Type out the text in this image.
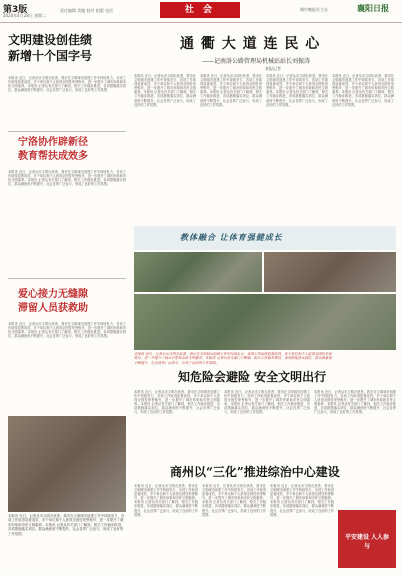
第3版
2020年4月28日 星期二
责任编辑 美编 校对 组版 电话	社 会	城市晚报社主办	襄阳日报
文明建设创佳绩
新增十个国字号
本报讯 近日，记者从市文明办获悉，我市在文明城市创建工作中持续发力，各项工作取得显著成效，多个单位和个人获得全国性荣誉称号，进一步提升了城市形象和市民文明素养。本报讯 记者从有关部门了解到，相关工作稳步推进，各项措施落实到位，群众满意度不断提升，社会各界广泛参与，形成了良好的工作氛围。
宁洛协作辟新径
教育帮扶成效多
本报讯 近日，记者从市文明办获悉，我市在文明城市创建工作中持续发力，各项工作取得显著成效，多个单位和个人获得全国性荣誉称号，进一步提升了城市形象和市民文明素养。本报讯 记者从有关部门了解到，相关工作稳步推进，各项措施落实到位，群众满意度不断提升，社会各界广泛参与，形成了良好的工作氛围。
爱心接力无缝隙
滞留人员获救助
本报讯 近日，记者从市文明办获悉，我市在文明城市创建工作中持续发力，各项工作取得显著成效，多个单位和个人获得全国性荣誉称号，进一步提升了城市形象和市民文明素养。本报讯 记者从有关部门了解到，相关工作稳步推进，各项措施落实到位，群众满意度不断提升，社会各界广泛参与，形成了良好的工作氛围。
通 衢 大 道 连 民 心
——记南洛公路管理局机械站站长刘振涛
本报记者
本报讯 近日，记者从市文明办获悉，我市在文明城市创建工作中持续发力，各项工作取得显著成效，多个单位和个人获得全国性荣誉称号，进一步提升了城市形象和市民文明素养。本报讯 记者从有关部门了解到，相关工作稳步推进，各项措施落实到位，群众满意度不断提升，社会各界广泛参与，形成了良好的工作氛围。
本报讯 近日，记者从市文明办获悉，我市在文明城市创建工作中持续发力，各项工作取得显著成效，多个单位和个人获得全国性荣誉称号，进一步提升了城市形象和市民文明素养。本报讯 记者从有关部门了解到，相关工作稳步推进，各项措施落实到位，群众满意度不断提升，社会各界广泛参与，形成了良好的工作氛围。
本报讯 近日，记者从市文明办获悉，我市在文明城市创建工作中持续发力，各项工作取得显著成效，多个单位和个人获得全国性荣誉称号，进一步提升了城市形象和市民文明素养。本报讯 记者从有关部门了解到，相关工作稳步推进，各项措施落实到位，群众满意度不断提升，社会各界广泛参与，形成了良好的工作氛围。
本报讯 近日，记者从市文明办获悉，我市在文明城市创建工作中持续发力，各项工作取得显著成效，多个单位和个人获得全国性荣誉称号，进一步提升了城市形象和市民文明素养。本报讯 记者从有关部门了解到，相关工作稳步推进，各项措施落实到位，群众满意度不断提升，社会各界广泛参与，形成了良好的工作氛围。
教体融合 让体育强健成长
本报讯 近日，记者从市文明办获悉，我市在文明城市创建工作中持续发力，各项工作取得显著成效，多个单位和个人获得全国性荣誉称号，进一步提升了城市形象和市民文明素养。本报讯 记者从有关部门了解到，相关工作稳步推进，各项措施落实到位，群众满意度不断提升，社会各界广泛参与，形成了良好的工作氛围。
知危险会避险 安全文明出行
本报讯 近日，记者从市文明办获悉，我市在文明城市创建工作中持续发力，各项工作取得显著成效，多个单位和个人获得全国性荣誉称号，进一步提升了城市形象和市民文明素养。本报讯 记者从有关部门了解到，相关工作稳步推进，各项措施落实到位，群众满意度不断提升，社会各界广泛参与，形成了良好的工作氛围。
本报讯 近日，记者从市文明办获悉，我市在文明城市创建工作中持续发力，各项工作取得显著成效，多个单位和个人获得全国性荣誉称号，进一步提升了城市形象和市民文明素养。本报讯 记者从有关部门了解到，相关工作稳步推进，各项措施落实到位，群众满意度不断提升，社会各界广泛参与，形成了良好的工作氛围。
本报讯 近日，记者从市文明办获悉，我市在文明城市创建工作中持续发力，各项工作取得显著成效，多个单位和个人获得全国性荣誉称号，进一步提升了城市形象和市民文明素养。本报讯 记者从有关部门了解到，相关工作稳步推进，各项措施落实到位，群众满意度不断提升，社会各界广泛参与，形成了良好的工作氛围。
本报讯 近日，记者从市文明办获悉，我市在文明城市创建工作中持续发力，各项工作取得显著成效，多个单位和个人获得全国性荣誉称号，进一步提升了城市形象和市民文明素养。本报讯 记者从有关部门了解到，相关工作稳步推进，各项措施落实到位，群众满意度不断提升，社会各界广泛参与，形成了良好的工作氛围。
商州以“三化”推进综治中心建设
本报讯 近日，记者从市文明办获悉，我市在文明城市创建工作中持续发力，各项工作取得显著成效，多个单位和个人获得全国性荣誉称号，进一步提升了城市形象和市民文明素养。本报讯 记者从有关部门了解到，相关工作稳步推进，各项措施落实到位，群众满意度不断提升，社会各界广泛参与，形成了良好的工作氛围。
本报讯 近日，记者从市文明办获悉，我市在文明城市创建工作中持续发力，各项工作取得显著成效，多个单位和个人获得全国性荣誉称号，进一步提升了城市形象和市民文明素养。本报讯 记者从有关部门了解到，相关工作稳步推进，各项措施落实到位，群众满意度不断提升，社会各界广泛参与，形成了良好的工作氛围。
本报讯 近日，记者从市文明办获悉，我市在文明城市创建工作中持续发力，各项工作取得显著成效，多个单位和个人获得全国性荣誉称号，进一步提升了城市形象和市民文明素养。本报讯 记者从有关部门了解到，相关工作稳步推进，各项措施落实到位，群众满意度不断提升，社会各界广泛参与，形成了良好的工作氛围。
平安建设 人人参与
